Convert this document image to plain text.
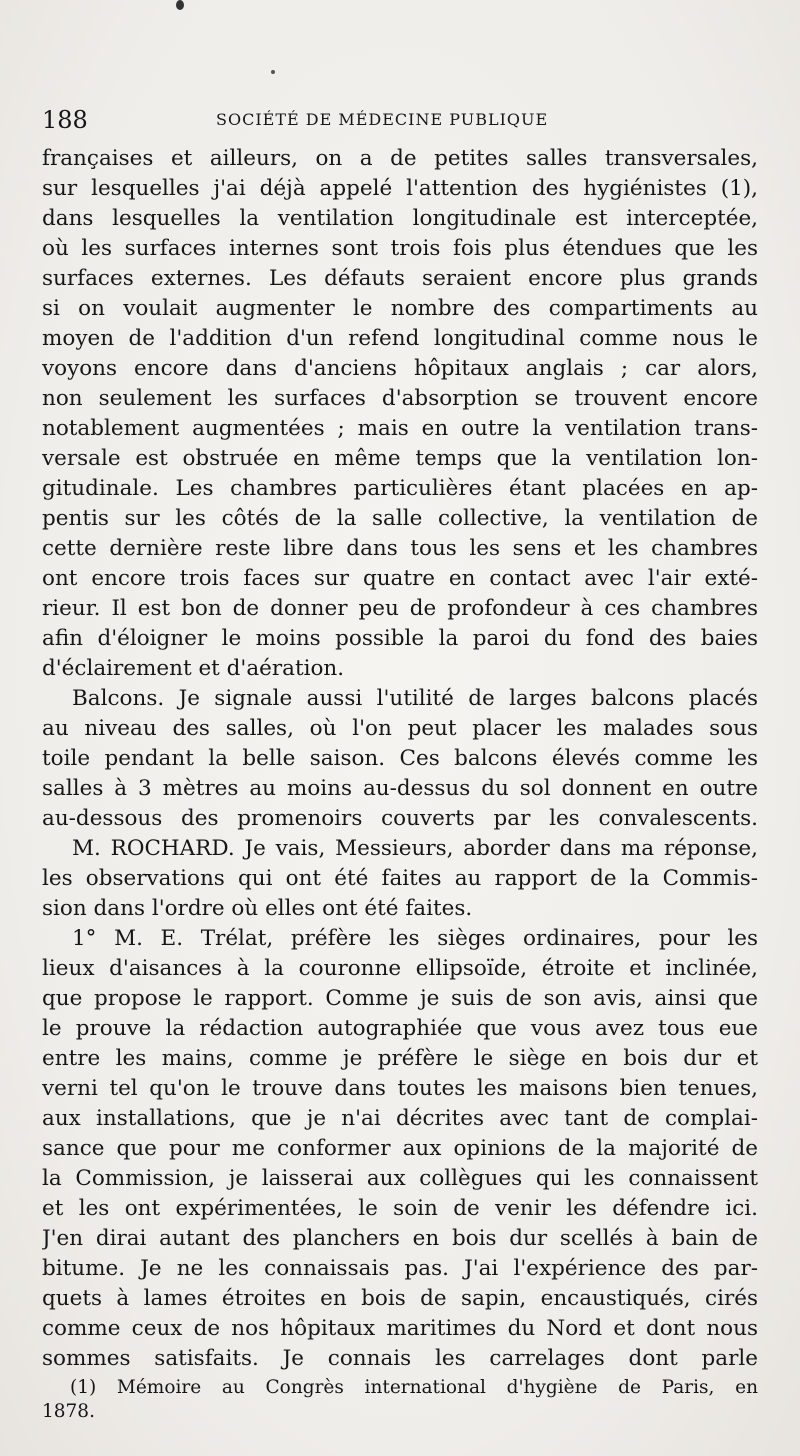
188	SOCIÉTÉ DE MÉDECINE PUBLIQUE
françaises et ailleurs, on a de petites salles transversales,
sur lesquelles j'ai déjà appelé l'attention des hygiénistes (1),
dans lesquelles la ventilation longitudinale est interceptée,
où les surfaces internes sont trois fois plus étendues que les
surfaces externes. Les défauts seraient encore plus grands
si on voulait augmenter le nombre des compartiments au
moyen de l'addition d'un refend longitudinal comme nous le
voyons encore dans d'anciens hôpitaux anglais ; car alors,
non seulement les surfaces d'absorption se trouvent encore
notablement augmentées ; mais en outre la ventilation trans-
versale est obstruée en même temps que la ventilation lon-
gitudinale. Les chambres particulières étant placées en ap-
pentis sur les côtés de la salle collective, la ventilation de
cette dernière reste libre dans tous les sens et les chambres
ont encore trois faces sur quatre en contact avec l'air exté-
rieur. Il est bon de donner peu de profondeur à ces chambres
afin d'éloigner le moins possible la paroi du fond des baies
d'éclairement et d'aération.
Balcons. Je signale aussi l'utilité de larges balcons placés
au niveau des salles, où l'on peut placer les malades sous
toile pendant la belle saison. Ces balcons élevés comme les
salles à 3 mètres au moins au-dessus du sol donnent en outre
au-dessous des promenoirs couverts par les convalescents.
M. ROCHARD. Je vais, Messieurs, aborder dans ma réponse,
les observations qui ont été faites au rapport de la Commis-
sion dans l'ordre où elles ont été faites.
1° M. E. Trélat, préfère les sièges ordinaires, pour les
lieux d'aisances à la couronne ellipsoïde, étroite et inclinée,
que propose le rapport. Comme je suis de son avis, ainsi que
le prouve la rédaction autographiée que vous avez tous eue
entre les mains, comme je préfère le siège en bois dur et
verni tel qu'on le trouve dans toutes les maisons bien tenues,
aux installations, que je n'ai décrites avec tant de complai-
sance que pour me conformer aux opinions de la majorité de
la Commission, je laisserai aux collègues qui les connaissent
et les ont expérimentées, le soin de venir les défendre ici.
J'en dirai autant des planchers en bois dur scellés à bain de
bitume. Je ne les connaissais pas. J'ai l'expérience des par-
quets à lames étroites en bois de sapin, encaustiqués, cirés
comme ceux de nos hôpitaux maritimes du Nord et dont nous
sommes satisfaits. Je connais les carrelages dont parle
(1) Mémoire au Congrès international d'hygiène de Paris, en
1878.
